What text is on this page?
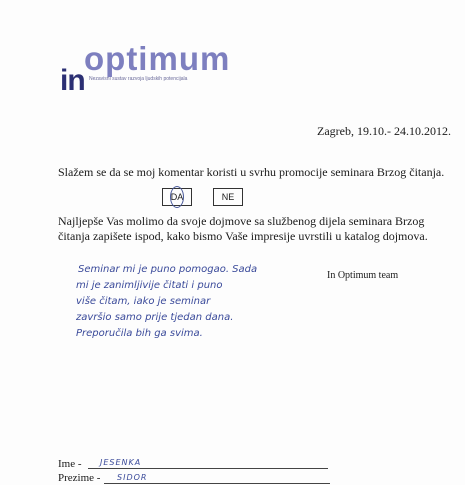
optimum
in Nezavisni sustav razvoja ljudskih potencijala
Zagreb, 19.10.- 24.10.2012.
Slažem se da se moj komentar koristi u svrhu promocije seminara Brzog čitanja.
DA	NE
Najljepše Vas molimo da svoje dojmove sa službenog dijela seminara Brzog čitanja zapišete ispod, kako bismo Vaše impresije uvrstili u katalog dojmova.
Seminar mi je puno pomogao. Sada
mi je zanimljivije čitati i puno
više čitam, iako je seminar
završio samo prije tjedan dana.
Preporučila bih ga svima.
In Optimum team
Ime - JESENKA
Prezime - SIDOR
